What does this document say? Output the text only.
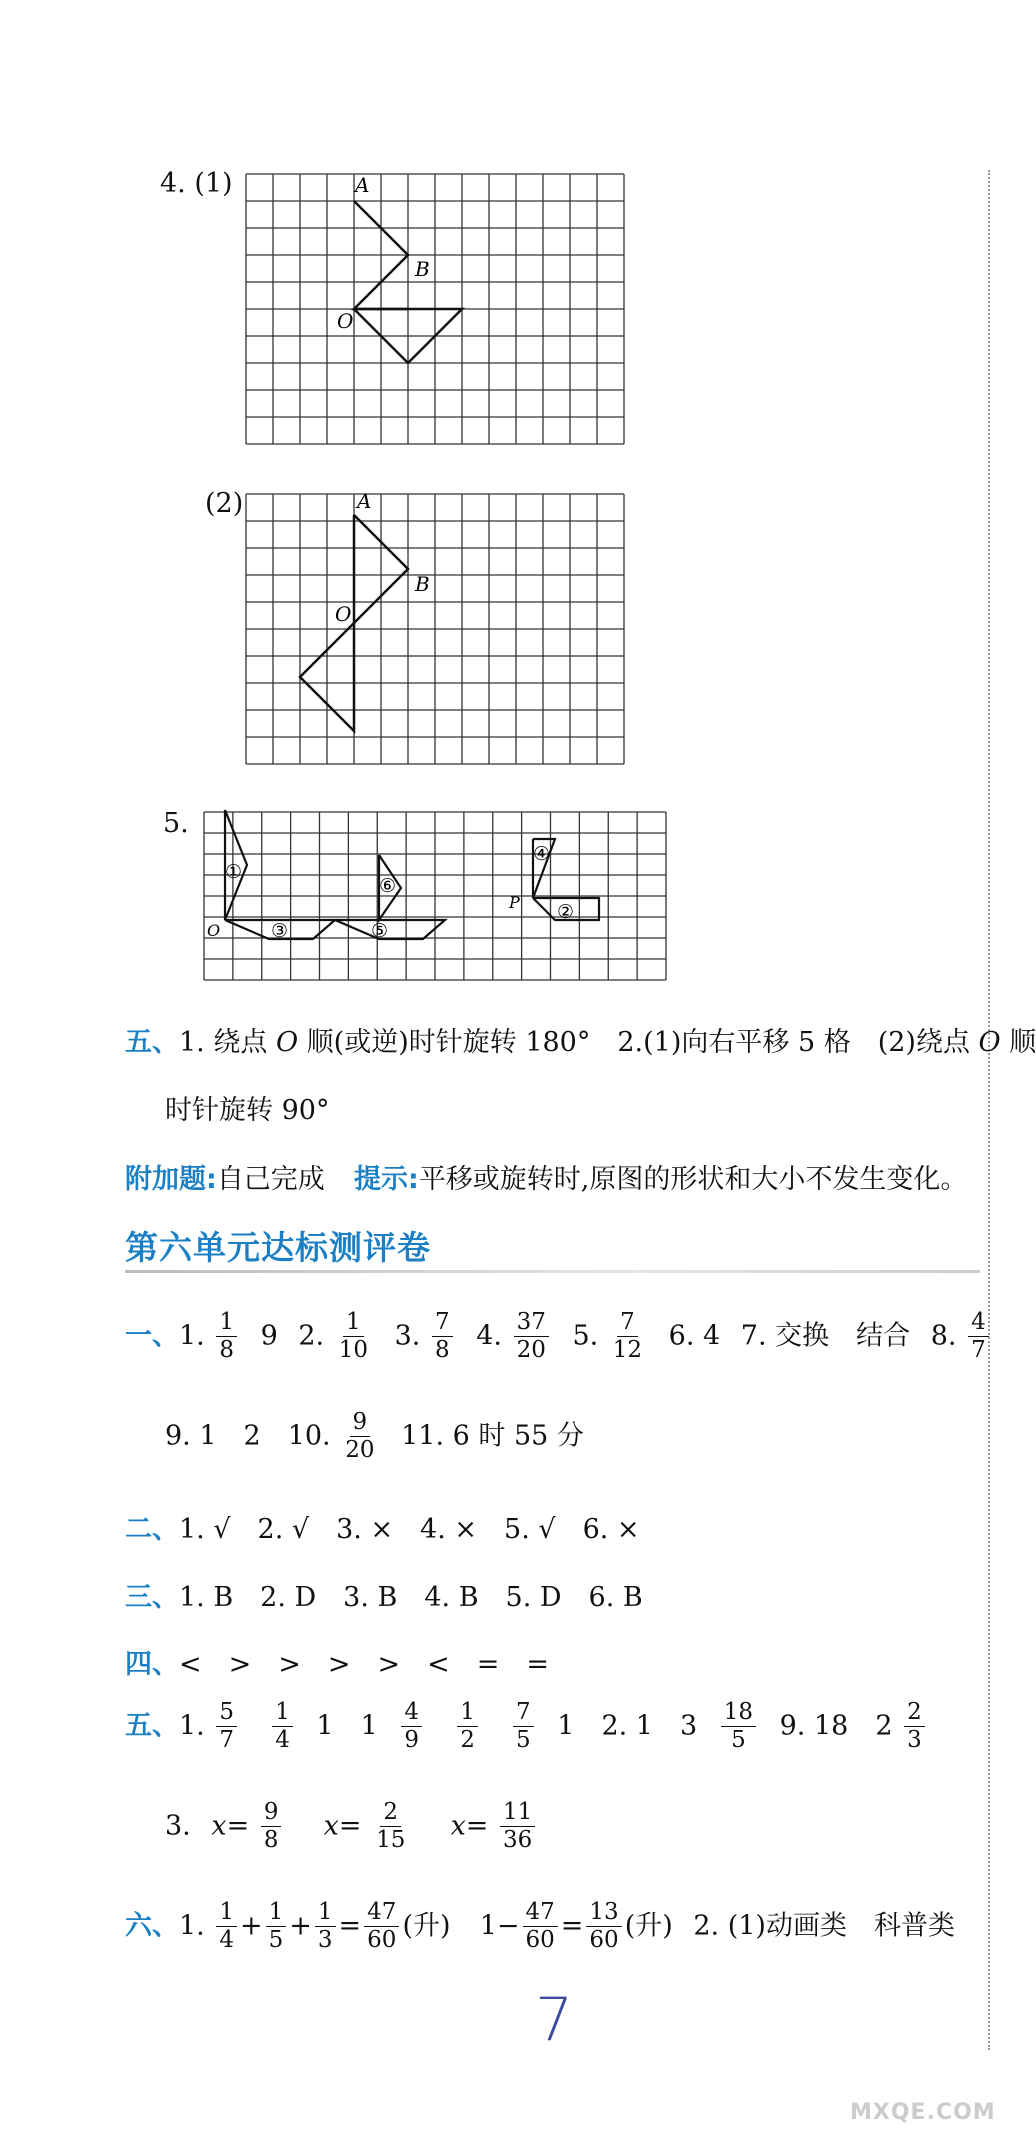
4. (1)	A
B
O
(2)	A
B
O
5.
O
P
①
③	⑤
⑥
④
②
五、1. 绕点 O 顺(或逆)时针旋转 180°　2.(1)向右平移 5 格　(2)绕点 O 顺
时针旋转 90°
附加题:自己完成 提示:平移或旋转时,原图的形状和大小不发生变化。
第六单元达标测评卷
一、1. $\frac{1}{8} 9$ 2. $\frac{1}{10} 3$. $\frac{7}{8} 4$. $\frac{37}{20} 5$. $\frac{7}{12} 6$. 4 7. 交换　结合 8. $\frac{4}{7}$
9. 1　2　10. $\frac{9}{20} 11$. 6 时 55 分
二、1. √　2. √　3. ×　4. ×　5. √　6. ×
三、1. B　2. D　3. B　4. B　5. D　6. B
四、<　>　>　>　>　<　=　=
五、1. $\frac{5}{7}$
$\frac{1}{4} 1$　$1 \frac{4}{9}$
$\frac{1}{2}$
$\frac{7}{5} 1$　2. 1　$3 \frac{18}{5} 9$. 18　$2 \frac{2}{3}$
3. $x= \frac{9}{8} x= \frac{2}{15} x= \frac{11}{36}$
六、1. $\frac{1}{4} + \frac{1}{5} + \frac{1}{3} = \frac{47}{60}$ (升) $1- \frac{47}{60} = \frac{13}{60}$ (升) 2. (1)动画类　科普类
7
MXQE.COM
